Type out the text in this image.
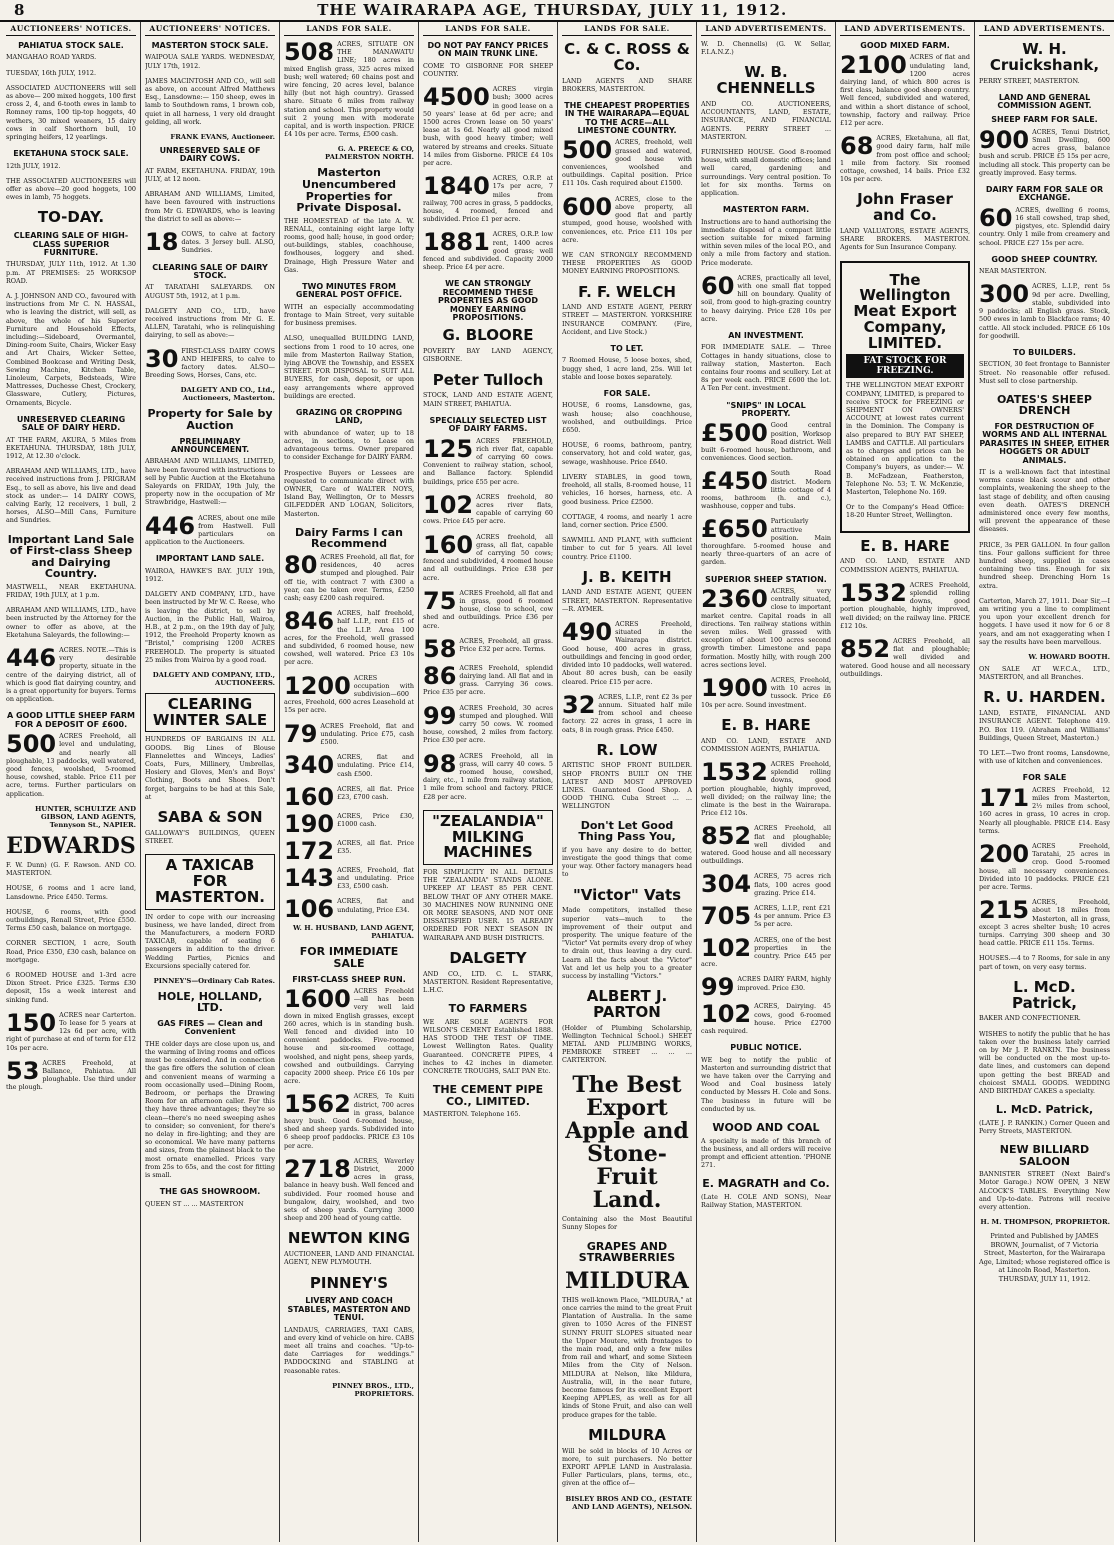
8	THE WAIRARAPA AGE, THURSDAY, JULY 11, 1912.
AUCTIONEERS' NOTICES.
PAHIATUA STOCK SALE.
MANGAHAO ROAD YARDS.
TUESDAY, 16th JULY, 1912.
ASSOCIATED AUCTIONEERS will sell as above— 200 mixed hoggets, 100 first cross 2, 4, and 6-tooth ewes in lamb to Romney rams, 100 tip-top hoggets, 40 wethers, 30 mixed weaners, 15 dairy cows in calf Shorthorn bull, 10 springing heifers, 12 yearlings.
EKETAHUNA STOCK SALE.
12th JULY, 1912.
THE ASSOCIATED AUCTIONEERS will offer as above—20 good hoggets, 100 ewes in lamb, 75 hoggets.
TO-DAY.
CLEARING SALE OF HIGH-CLASS SUPERIOR FURNITURE.
THURSDAY, JULY 11th, 1912. At 1.30 p.m. AT PREMISES: 25 WORKSOP ROAD.
A. J. JOHNSON AND CO., favoured with instructions from Mr C. N. HASSAL, who is leaving the district, will sell, as above, the whole of his Superior Furniture and Household Effects, including:—Sideboard, Overmantel, Dining-room Suite, Chairs, Wicker Easy and Art Chairs, Wicker Settee, Combined Bookcase and Writing Desk, Sewing Machine, Kitchen Table, Linoleum, Carpets, Bedsteads, Wire Mattresses, Duchesse Chest, Crockery, Glassware, Cutlery, Pictures, Ornaments, Bicycle.
UNRESERVED CLEARING SALE OF DAIRY HERD.
AT THE FARM, AKURA, 5 Miles from EKETAHUNA. THURSDAY, 18th JULY, 1912, At 12.30 o'clock.
ABRAHAM AND WILLIAMS, LTD., have received instructions from J. PRIGRAM Esq., to sell as above, his live and dead stock as under:— 14 DAIRY COWS, calving Early, 12 receivers, 1 bull, 2 horses, ALSO—Mill Cans, Furniture and Sundries.
Important Land Sale of First-class Sheep and Dairying Country.
MASTWELL, NEAR EKETAHUNA. FRIDAY, 19th JULY, at 1 p.m.
ABRAHAM AND WILLIAMS, LTD., have been instructed by the Attorney for the owner to offer as above, at the Eketahuna Saleyards, the following:—
446 ACRES. NOTE.—This is very desirable property, situate in the centre of the dairying district, all of which is good flat dairying country, and is a great opportunity for buyers. Terms on application.
A GOOD LITTLE SHEEP FARM FOR A DEPOSIT OF £600.
500 ACRES Freehold, all level and undulating, and nearly all ploughable, 13 paddocks, well watered, good fences, woolshed, 5-roomed house, cowshed, stable. Price £11 per acre, terms. Further particulars on application.
HUNTER, SCHULTZE AND GIBSON, LAND AGENTS, Tennyson St., NAPIER.
EDWARDS
F. W. Dunn) (G. F. Rawson. AND CO. MASTERTON.
HOUSE, 6 rooms and 1 acre land, Lansdowne. Price £450. Terms.
HOUSE, 6 rooms, with good outbuildings, Renall Street, Price £550. Terms £50 cash, balance on mortgage.
CORNER SECTION, 1 acre, South Road, Price £350, £30 cash, balance on mortgage.
6 ROOMED HOUSE and 1-3rd acre Dixon Street. Price £325. Terms £30 deposit, 15s a week interest and sinking fund.
150 ACRES near Carterton. To lease for 5 years at 12s 6d per acre, with right of purchase at end of term for £12 10s per acre.
53 ACRES Freehold, at Ballance, Pahiatua. All ploughable. Use third under the plough.
AUCTIONEERS' NOTICES.
MASTERTON STOCK SALE.
WAIPOUA SALE YARDS. WEDNESDAY, JULY 17th, 1912.
JAMES MACINTOSH AND CO., will sell as above, on account Alfred Matthews Esq., Lansdowne:— 150 sheep, ewes in lamb to Southdown rams, 1 brown cob, quiet in all harness, 1 very old draught gelding, all work.
FRANK EVANS, Auctioneer.
UNRESERVED SALE OF DAIRY COWS.
AT FARM, EKETAHUNA. FRIDAY, 19th JULY, at 12 noon.
ABRAHAM AND WILLIAMS, Limited, have been favoured with instructions from Mr G. EDWARDS, who is leaving the district to sell as above:—
18 COWS, to calve at factory dates. 3 Jersey bull. ALSO, Sundries.
CLEARING SALE OF DAIRY STOCK.
AT TARATAHI SALEYARDS. ON AUGUST 5th, 1912, at 1 p.m.
DALGETY AND CO., LTD., have received instructions from Mr G. E. ALLEN, Taratahi, who is relinquishing dairying, to sell as above:—
30 FIRST-CLASS DAIRY COWS AND HEIFERS, to calve to factory dates. ALSO—Breeding Sows, Horses, Cans, etc.
DALGETY AND CO., Ltd., Auctioneers, Masterton.
Property for Sale by Auction
PRELIMINARY ANNOUNCEMENT.
ABRAHAM AND WILLIAMS, LIMITED, have been favoured with instructions to sell by Public Auction at the Eketahuna Saleyards on FRIDAY, 19th July, the property now in the occupation of Mr Strawbridge, Hastwell:—
446 ACRES, about one mile from Hastwell. Full particulars on application to the Auctioneers.
IMPORTANT LAND SALE.
WAIROA, HAWKE'S BAY. JULY 19th, 1912.
DALGETY AND COMPANY, LTD., have been instructed by Mr W. C. Reese, who is leaving the district, to sell by Auction, in the Public Hall, Wairoa, H.B., at 2 p.m., on the 19th day of July, 1912, the Freehold Property known as "Bristol," comprising 1200 ACRES FREEHOLD. The property is situated 25 miles from Wairoa by a good road.
DALGETY AND COMPANY, LTD., AUCTIONEERS.
CLEARING WINTER SALE
HUNDREDS OF BARGAINS IN ALL GOODS. Big Lines of Blouse Flannelettes and Winceys, Ladies' Coats, Furs, Millinery, Umbrellas, Hosiery and Gloves, Men's and Boys' Clothing, Boots and Shoes. Don't forget, bargains to be had at this Sale, at
SABA & SON
GALLOWAY'S BUILDINGS, QUEEN STREET.
A TAXICAB FOR MASTERTON.
IN order to cope with our increasing business, we have landed, direct from the Manufacturers, a modern FORD TAXICAB, capable of seating 6 passengers in addition to the driver. Wedding Parties, Picnics and Excursions specially catered for.
PINNEY'S—Ordinary Cab Rates.
HOLE, HOLLAND, LTD.
GAS FIRES — Clean and Convenient
THE colder days are close upon us, and the warming of living rooms and offices must be considered. And in connection the gas fire offers the solution of clean and convenient means of warming a room occasionally used—Dining Room, Bedroom, or perhaps the Drawing Room for an afternoon caller. For this they have three advantages; they're so clean—there's no need sweeping ashes to consider; so convenient, for there's no delay in fire-lighting; and they are so economical. We have many patterns and sizes, from the plainest black to the most ornate enamelled. Prices vary from 25s to 65s, and the cost for fitting is small.
THE GAS SHOWROOM.
QUEEN ST ... ... MASTERTON
LANDS FOR SALE.
508 ACRES, SITUATE ON THE MANAWATU LINE; 180 acres in mixed English grass, 325 acres mixed bush; well watered; 60 chains post and wire fencing, 20 acres level, balance hilly (but not high country). Grassed share. Situate 6 miles from railway station and school. This property would suit 2 young men with moderate capital, and is worth inspection. PRICE £4 10s per acre. Terms, £500 cash.
G. A. PREECE & CO, PALMERSTON NORTH.
Masterton Unencumbered Properties for Private Disposal.
THE HOMESTEAD of the late A. W. RENALL, containing eight large lofty rooms, good hall; house, in good order; out-buildings, stables, coachhouse, fowlhouses, loggery and shed. Drainage, High Pressure Water and Gas.
TWO MINUTES FROM GENERAL POST OFFICE.
WITH an especially accommodating frontage to Main Street, very suitable for business premises.
ALSO, unequalled BUILDING LAND, sections from 1 rood to 10 acres, one mile from Masterton Railway Station, lying ABOVE the Township, and ESSEX STREET. FOR DISPOSAL to SUIT ALL BUYERS, for cash, deposit, or upon easy arrangements where approved buildings are erected.
GRAZING OR CROPPING LAND,
with abundance of water, up to 18 acres, in sections, to Lease on advantageous terms. Owner prepared to consider Exchange for DAIRY FARM.
Prospective Buyers or Lessees are requested to communicate direct with OWNER, Care of WALTER NOYS, Island Bay, Wellington, Or to Messrs GILFEDDER AND LOGAN, Solicitors, Masterton.
Dairy Farms I can Recommend
80 ACRES Freehold, all flat, for residences, 40 acres stumped and ploughed. Pair off tie, with contract 7 with £300 a year, can be taken over. Terms, £250 cash; easy £200 cash required.
846 ACRES, half freehold, half L.I.P., rent £15 of the L.I.P. Area 100 acres, for the Freehold, well grassed and subdivided, 6 roomed house, new cowshed, well watered. Price £3 10s per acre.
1200 ACRES occupation with subdivision—600 acres, Freehold, 600 acres Leasehold at 15s per acre.
79 ACRES Freehold, flat and undulating. Price £75, cash £500.
340 ACRES, flat and undulating. Price £14, cash £500.
160 ACRES, all flat. Price £23, £700 cash.
190 ACRES, Price £30, £1000 cash.
172 ACRES, all flat. Price £35.
143 ACRES, Freehold, flat and undulating. Price £33, £500 cash.
106 ACRES, flat and undulating, Price £34.
W. H. HUSBAND, LAND AGENT, PAHIATUA.
FOR IMMEDIATE SALE
FIRST-CLASS SHEEP RUN.
1600 ACRES Freehold—all has been very well laid down in mixed English grasses, except 260 acres, which is in standing bush. Well fenced and divided into 10 convenient paddocks. Five-roomed house and six-roomed cottage, woolshed, and night pens, sheep yards, cowshed and outbuildings. Carrying capacity 2000 sheep. Price £6 10s per acre.
1562 ACRES, Te Kuiti district, 700 acres in grass, balance heavy bush. Good 6-roomed house, shed and sheep yards. Subdivided into 6 sheep proof paddocks. PRICE £3 10s per acre.
2718 ACRES, Waverley District, 2000 acres in grass, balance in heavy bush. Well fenced and subdivided. Four roomed house and bungalow, dairy, woolshed, and two sets of sheep yards. Carrying 3000 sheep and 200 head of young cattle.
NEWTON KING
AUCTIONEER, LAND AND FINANCIAL AGENT, NEW PLYMOUTH.
PINNEY'S
LIVERY AND COACH STABLES, MASTERTON AND TENUI.
LANDAUS, CARRIAGES, TAXI CABS, and every kind of vehicle on hire. CABS meet all trains and coaches. "Up-to-date Carriages for weddings." PADDOCKING and STABLING at reasonable rates.
PINNEY BROS., LTD., PROPRIETORS.
LANDS FOR SALE.
DO NOT PAY FANCY PRICES ON MAIN TRUNK LINE.
COME TO GISBORNE FOR SHEEP COUNTRY.
4500 ACRES virgin bush; 3000 acres in good lease on a 50 years' lease at 6d per acre; and 1500 acres Crown lease on 50 years' lease at 1s 6d. Nearly all good mixed bush, with good heavy timber; well watered by streams and creeks. Situate 14 miles from Gisborne. PRICE £4 10s per acre.
1840 ACRES, O.R.P. at 17s per acre, 7 miles from railway, 700 acres in grass, 5 paddocks, house, 4 roomed, fenced and subdivided. Price £1 per acre.
1881 ACRES, O.R.P. low rent, 1400 acres good grass; well fenced and subdivided. Capacity 2000 sheep. Price £4 per acre.
WE CAN STRONGLY RECOMMEND THESE PROPERTIES AS GOOD MONEY EARNING PROPOSITIONS.
G. BLOORE
POVERTY BAY LAND AGENCY, GISBORNE.
Peter Tulloch
STOCK, LAND AND ESTATE AGENT, MAIN STREET, PAHIATUA.
SPECIALLY SELECTED LIST OF DAIRY FARMS.
125 ACRES FREEHOLD, rich river flat, capable of carrying 60 cows. Convenient to railway station, school, and Ballance factory. Splendid buildings, price £55 per acre.
102 ACRES freehold, 80 acres river flats, capable of carrying 60 cows. Price £45 per acre.
160 ACRES freehold, all grass, all flat, capable of carrying 50 cows; fenced and subdivided, 4 roomed house and all outbuildings. Price £38 per acre.
75 ACRES Freehold, all flat and in grass, good 6 roomed house, close to school, cow shed and outbuildings. Price £36 per acre.
58 ACRES, Freehold, all grass. Price £32 per acre. Terms.
86 ACRES Freehold, splendid dairying land. All flat and in grass. Carrying 36 cows. Price £35 per acre.
99 ACRES Freehold, 30 acres stumped and ploughed. Will carry 50 cows. W. roomed house, cowshed, 2 miles from factory. Price £30 per acre.
98 ACRES Freehold, all in grass, will carry 40 cows. 5 roomed house, cowshed, dairy, etc., 1 mile from railway station, 1 mile from school and factory. PRICE £28 per acre.
"ZEALANDIA" MILKING MACHINES
FOR SIMPLICITY IN ALL DETAILS THE "ZEALANDIA" STANDS ALONE. UPKEEP AT LEAST 85 PER CENT. BELOW THAT OF ANY OTHER MAKE. 30 MACHINES NOW RUNNING ONE OR MORE SEASONS, AND NOT ONE DISSATISFIED USER. 15 ALREADY ORDERED FOR NEXT SEASON IN WAIRARAPA AND BUSH DISTRICTS.
DALGETY
AND CO., LTD. C. L. STARK, MASTERTON. Resident Representative, L.H.C.
TO FARMERS
WE ARE SOLE AGENTS FOR WILSON'S CEMENT Established 1888. HAS STOOD THE TEST OF TIME. Lowest Wellington Rates. Quality Guaranteed. CONCRETE PIPES, 4 inches to 42 inches in diameter. CONCRETE TROUGHS, SALT PAN Etc.
THE CEMENT PIPE CO., LIMITED.
MASTERTON. Telephone 165.
LANDS FOR SALE.
C. & C. ROSS & Co.
LAND AGENTS AND SHARE BROKERS, MASTERTON.
THE CHEAPEST PROPERTIES IN THE WAIRARAPA—EQUAL TO THE ACRE—ALL LIMESTONE COUNTRY.
500 ACRES, freehold, well grassed and watered, good house with conveniences, woolshed and outbuildings. Capital position. Price £11 10s. Cash required about £1500.
600 ACRES, close to the above property, all good flat and partly stumped, good house, woolshed with conveniences, etc. Price £11 10s per acre.
WE CAN STRONGLY RECOMMEND THESE PROPERTIES AS GOOD MONEY EARNING PROPOSITIONS.
F. F. WELCH
LAND AND ESTATE AGENT, PERRY STREET — MASTERTON. YORKSHIRE INSURANCE COMPANY. (Fire, Accident, and Live Stock.)
TO LET.
7 Roomed House, 5 loose boxes, shed, buggy shed, 1 acre land, 25s. Will let stable and loose boxes separately.
FOR SALE.
HOUSE, 6 rooms, Lansdowne, gas, wash house; also coachhouse, woolshed, and outbuildings. Price £650.
HOUSE, 6 rooms, bathroom, pantry, conservatory, hot and cold water, gas, sewage, washhouse. Price £640.
LIVERY STABLES, in good town, freehold, all stalls, 8-roomed house, 11 vehicles, 16 horses, harness, etc. A good business. Price £2500.
COTTAGE, 4 rooms, and nearly 1 acre land, corner section. Price £500.
SAWMILL AND PLANT, with sufficient timber to cut for 5 years. All level country. Price £1100.
J. B. KEITH
LAND AND ESTATE AGENT, QUEEN STREET, MASTERTON. Representative—R. AYMER.
490 ACRES Freehold, situated in the Wairarapa district. Good house, 400 acres in grass, outbuildings and fencing in good order, divided into 10 paddocks, well watered. About 80 acres bush, can be easily cleared. Price £15 per acre.
32 ACRES, L.I.P., rent £2 3s per annum. Situated half mile from school and cheese factory. 22 acres in grass, 1 acre in oats, 8 in rough grass. Price £450.
R. LOW
ARTISTIC SHOP FRONT BUILDER. SHOP FRONTS BUILT ON THE LATEST AND MOST APPROVED LINES. Guaranteed Good Shop. A GOOD THING. Cuba Street ... ... WELLINGTON
Don't Let Good Thing Pass You,
if you have any desire to do better, investigate the good things that come your way. Other factory managers head to
"Victor" Vats
Made competitors, installed these superior vats—much to the improvement of their output and prosperity. The unique feature of the "Victor" Vat permits every drop of whey to drain out, thus leaving a dry curd. Learn all the facts about the "Victor" Vat and let us help you to a greater success by installing "Victors."
ALBERT J. PARTON
(Holder of Plumbing Scholarship, Wellington Technical School.) SHEET METAL AND PLUMBING WORKS, PEMBROKE STREET ... ... ... CARTERTON.
The Best Export Apple and Stone-Fruit Land.
Containing also the Most Beautiful Sunny Slopes for
GRAPES AND STRAWBERRIES
MILDURA
THIS well-known Place, "MILDURA," at once carries the mind to the great Fruit Plantation of Australia. In the same given to 1050 Acres of the FINEST SUNNY FRUIT SLOPES situated near the Upper Moutere, with frontages to the main road, and only a few miles from rail and wharf, and some Sixteen Miles from the City of Nelson. MILDURA at Nelson, like Mildura, Australia, will, in the near future, become famous for its excellent Export Keeping APPLES, as well as for all kinds of Stone Fruit, and also can well produce grapes for the table.
MILDURA
Will be sold in blocks of 10 Acres or more, to suit purchasers. No better EXPORT APPLE LAND in Australasia. Fuller Particulars, plans, terms, etc., given at the office of—
BISLEY BROS AND CO., (ESTATE AND LAND AGENTS), NELSON.
LAND ADVERTISEMENTS.
W. D. Chennells) (G. W. Sellar, F.I.A.N.Z.)
W. B. CHENNELLS
AND CO. AUCTIONEERS, ACCOUNTANTS, LAND, ESTATE, INSURANCE, AND FINANCIAL AGENTS. PERRY STREET ... MASTERTON.
FURNISHED HOUSE. Good 8-roomed house, with small domestic offices; land well cared, gardening and surroundings. Very central position. To let for six months. Terms on application.
MASTERTON FARM.
Instructions are to hand authorising the immediate disposal of a compact little section suitable for mixed farming within seven miles of the local P.O., and only a mile from factory and station. Price moderate.
60 ACRES, practically all level, with one small flat topped hill on boundary. Quality of soil, from good to high-grazing country to heavy dairying. Price £28 10s per acre.
AN INVESTMENT.
FOR IMMEDIATE SALE. — Three Cottages in handy situations, close to railway station, Masterton. Each contains four rooms and scullery. Let at 8s per week each. PRICE £600 the lot. A Ten Per cent. investment.
"SNIPS" IN LOCAL PROPERTY.
£500 Good central position, Worksop Road district. Well built 6-roomed house, bathroom, and conveniences. Good section.
£450 South Road district. Modern little cottage of 4 rooms, bathroom (h. and c.), washhouse, copper and tubs.
£650 Particularly attractive position. Main thoroughfare. 5-roomed house and nearly three-quarters of an acre of garden.
SUPERIOR SHEEP STATION.
2360 ACRES, very centrally situated, close to important market centre. Capital roads in all directions. Ten railway stations within seven miles. Well grassed with exception of about 100 acres second growth timber. Limestone and papa formation. Mostly hilly, with rough 200 acres sections level.
1900 ACRES, Freehold, with 10 acres in tussock. Price £6 10s per acre. Sound investment.
E. B. HARE
AND CO. LAND, ESTATE AND COMMISSION AGENTS, PAHIATUA.
1532 ACRES Freehold, splendid rolling downs, good portion ploughable, highly improved, well divided; on the railway line; the climate is the best in the Wairarapa. Price £12 10s.
852 ACRES Freehold, all flat and ploughable; well divided and watered. Good house and all necessary outbuildings.
304 ACRES, 75 acres rich flats, 100 acres good grazing. Price £14.
705 ACRES, L.I.P., rent £21 4s per annum. Price £3 5s per acre.
102 ACRES, one of the best properties in the country. Price £45 per acre.
99 ACRES DAIRY FARM, highly improved. Price £30.
102 ACRES, Dairying. 45 cows, good 6-roomed house. Price £2700 cash required.
PUBLIC NOTICE.
WE beg to notify the public of Masterton and surrounding district that we have taken over the Carrying and Wood and Coal business lately conducted by Messrs H. Cole and Sons. The business in future will be conducted by us.
WOOD AND COAL
A specialty is made of this branch of the business, and all orders will receive prompt and efficient attention. 'PHONE 271.
E. MAGRATH and Co.
(Late H. COLE AND SONS), Near Railway Station, MASTERTON.
LAND ADVERTISEMENTS.
GOOD MIXED FARM.
2100 ACRES of flat and undulating land, 1200 acres dairying land, of which 800 acres is first class, balance good sheep country. Well fenced, subdivided and watered, and within a short distance of school, township, factory and railway. Price £12 per acre.
68 ACRES, Eketahuna, all flat, good dairy farm, half mile from post office and school; 1 mile from factory. Six roomed cottage, cowshed, 14 bails. Price £32 10s per acre.
John Fraser and Co.
LAND VALUATORS, ESTATE AGENTS, SHARE BROKERS. MASTERTON. Agents for Sun Insurance Company.
The Wellington Meat Export Company, LIMITED.
FAT STOCK FOR FREEZING.
THE WELLINGTON MEAT EXPORT COMPANY, LIMITED, is prepared to receive STOCK for FREEZING or SHIPMENT ON OWNERS' ACCOUNT, at lowest rates current in the Dominion. The Company is also prepared to BUY FAT SHEEP, LAMBS and CATTLE. All particulars as to charges and prices can be obtained on application to the Company's buyers, as under:— W. B. McFadzean, Featherston, Telephone No. 53; T. W. McKenzie, Masterton, Telephone No. 169.
Or to the Company's Head Office: 18-20 Hunter Street, Wellington.
E. B. HARE
AND CO. LAND, ESTATE AND COMMISSION AGENTS, PAHIATUA.
1532 ACRES Freehold, splendid rolling downs, good portion ploughable, highly improved, well divided; on the railway line. PRICE £12 10s.
852 ACRES Freehold, all flat and ploughable; well divided and watered. Good house and all necessary outbuildings.
LAND ADVERTISEMENTS.
W. H. Cruickshank,
PERRY STREET, MASTERTON.
LAND AND GENERAL COMMISSION AGENT.
SHEEP FARM FOR SALE.
900 ACRES, Tenui District, Small Dwelling, 600 acres grass, balance bush and scrub. PRICE £5 15s per acre, including all stock. This property can be greatly improved. Easy terms.
DAIRY FARM FOR SALE OR EXCHANGE.
60 ACRES, dwelling 6 rooms, 16 stall cowshed, trap shed, pigstyes, etc. Splendid dairy country. Only 1 mile from creamery and school. PRICE £27 15s per acre.
GOOD SHEEP COUNTRY.
NEAR MASTERTON.
300 ACRES, L.I.P., rent 5s 9d per acre. Dwelling, stable, subdivided into 9 paddocks; all English grass. Stock, 500 ewes in lamb to Blackface rams; 40 cattle. All stock included. PRICE £6 10s for goodwill.
TO BUILDERS.
SECTION, 30 feet frontage to Bannister Street. No reasonable offer refused. Must sell to close partnership.
OATES'S SHEEP DRENCH
FOR DESTRUCTION OF WORMS AND ALL INTERNAL PARASITES IN SHEEP, EITHER HOGGETS OR ADULT ANIMALS.
IT is a well-known fact that intestinal worms cause black scour and other complaints, weakening the sheep to the last stage of debility, and often causing even death. OATES'S DRENCH administered once every few months, will prevent the appearance of these diseases.
PRICE, 3s PER GALLON. In four gallon tins. Four gallons sufficient for three hundred sheep, supplied in cases containing two tins. Enough for six hundred sheep. Drenching Horn 1s extra.
Carterton, March 27, 1911. Dear Sir,—I am writing you a line to compliment you upon your excellent drench for hoggets. I have used it now for 6 or 8 years, and am not exaggerating when I say the results have been marvellous.
W. HOWARD BOOTH.
ON SALE AT W.F.C.A., LTD., MASTERTON, and all Branches.
R. U. HARDEN.
LAND, ESTATE, FINANCIAL AND INSURANCE AGENT. Telephone 419. P.O. Box 119. (Abraham and Williams' Buildings, Queen Street, Masterton.)
TO LET.—Two front rooms, Lansdowne, with use of kitchen and conveniences.
FOR SALE
171 ACRES Freehold, 12 miles from Masterton, 2½ miles from school, 160 acres in grass, 10 acres in crop. Nearly all ploughable. PRICE £14. Easy terms.
200 ACRES Freehold, Taratahi, 25 acres in crop. Good 5-roomed house, all necessary conveniences. Divided into 10 paddocks. PRICE £21 per acre. Terms.
215 ACRES, Freehold, about 18 miles from Masterton, all in grass, except 3 acres shelter bush; 10 acres turnips. Carrying 300 sheep and 30 head cattle. PRICE £11 15s. Terms.
HOUSES.—4 to 7 Rooms, for sale in any part of town, on very easy terms.
L. McD. Patrick,
BAKER AND CONFECTIONER.
WISHES to notify the public that he has taken over the business lately carried on by Mr J. P. RANKIN. The business will be conducted on the most up-to-date lines, and customers can depend upon getting the best BREAD and choicest SMALL GOODS. WEDDING AND BIRTHDAY CAKES a specialty.
L. McD. Patrick,
(LATE J. P. RANKIN.) Corner Queen and Perry Streets, MASTERTON.
NEW BILLIARD SALOON
BANNISTER STREET (Next Baird's Motor Garage.) NOW OPEN, 3 NEW ALCOCK'S TABLES. Everything New and Up-to-date. Patrons will receive every attention.
H. M. THOMPSON, PROPRIETOR.
Printed and Published by JAMES BROWN, Journalist, of 7 Victoria Street, Masterton, for the Wairarapa Age, Limited; whose registered office is at Lincoln Road, Masterton. THURSDAY, JULY 11, 1912.
